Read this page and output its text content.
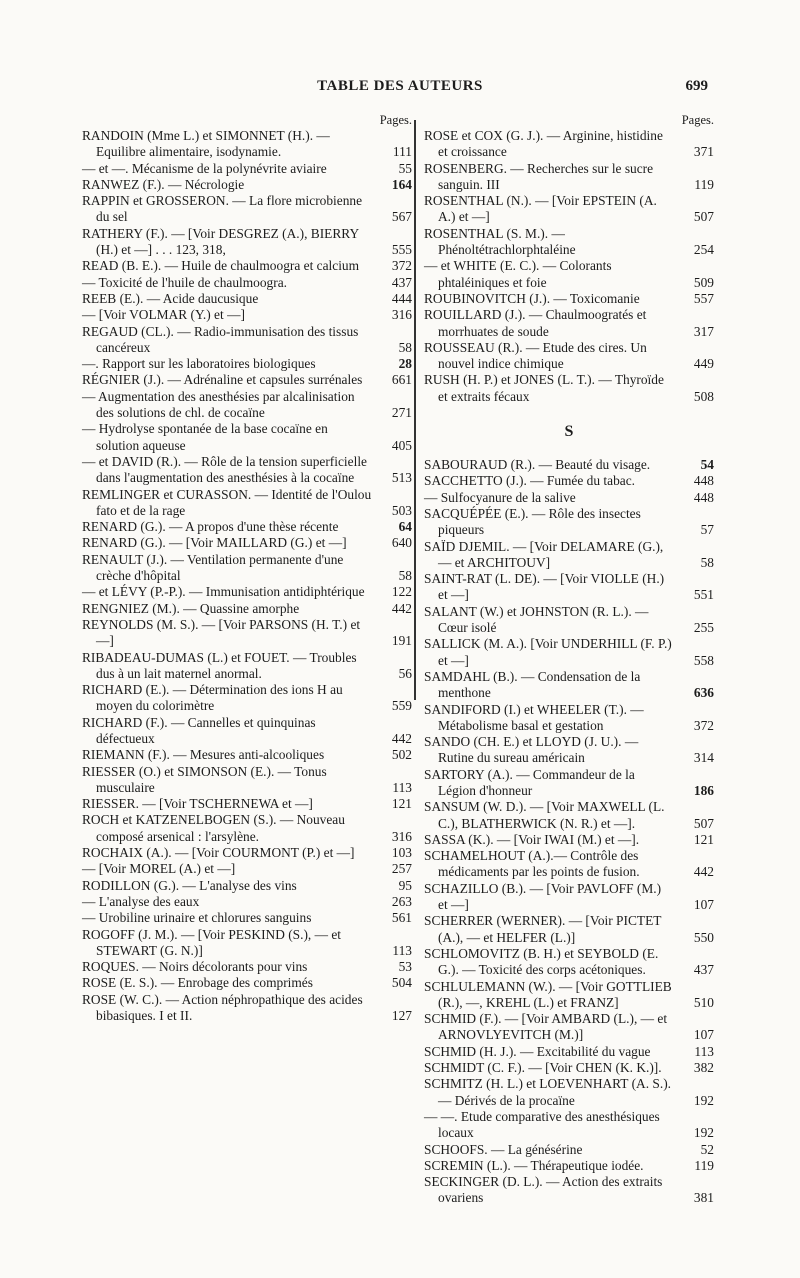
TABLE DES AUTEURS	699
Pages.
RANDOIN (Mme L.) et SIMONNET (H.). — Equilibre alimentaire, isodynamie.	111
— et —. Mécanisme de la polynévrite aviaire	55
RANWEZ (F.). — Nécrologie	164
RAPPIN et GROSSERON. — La flore microbienne du sel	567
RATHERY (F.). — [Voir DESGREZ (A.), BIERRY (H.) et —] . . . 123, 318,	555
READ (B. E.). — Huile de chaulmoogra et calcium 372
— Toxicité de l'huile de chaulmoogra.	437
REEB (E.). — Acide daucusique	444
— [Voir VOLMAR (Y.) et —]	316
REGAUD (CL.). — Radio-immunisation des tissus cancéreux	58
—. Rapport sur les laboratoires biologiques	28
RÉGNIER (J.). — Adrénaline et capsules surrénales 661
— Augmentation des anesthésies par alcalinisation des solutions de chl. de cocaïne	271
— Hydrolyse spontanée de la base cocaïne en solution aqueuse	405
— et DAVID (R.). — Rôle de la tension superficielle dans l'augmentation des anesthésies à la cocaïne	513
REMLINGER et CURASSON. — Identité de l'Oulou fato et de la rage	503
RENARD (G.). — A propos d'une thèse récente	64
RENARD (G.). — [Voir MAILLARD (G.) et —]	640
RENAULT (J.). — Ventilation permanente d'une crèche d'hôpital	58
— et LÉVY (P.-P.). — Immunisation antidiphtérique 122
RENGNIEZ (M.). — Quassine amorphe	442
REYNOLDS (M. S.). — [Voir PARSONS (H. T.) et —]	191
RIBADEAU-DUMAS (L.) et FOUET. — Troubles dus à un lait maternel anormal.	56
RICHARD (E.). — Détermination des ions H au moyen du colorimètre	559
RICHARD (F.). — Cannelles et quinquinas défectueux	442
RIEMANN (F.). — Mesures anti-alcooliques	502
RIESSER (O.) et SIMONSON (E.). — Tonus musculaire	113
RIESSER. — [Voir TSCHERNEWA et —]	121
ROCH et KATZENELBOGEN (S.). — Nouveau composé arsenical : l'arsylène.	316
ROCHAIX (A.). — [Voir COURMONT (P.) et —]	103
— [Voir MOREL (A.) et —]	257
RODILLON (G.). — L'analyse des vins	95
— L'analyse des eaux	263
— Urobiline urinaire et chlorures sanguins	561
ROGOFF (J. M.). — [Voir PESKIND (S.), — et STEWART (G. N.)]	113
ROQUES. — Noirs décolorants pour vins	53
ROSE (E. S.). — Enrobage des comprimés	504
ROSE (W. C.). — Action néphropathique des acides bibasiques. I et II.	127
Pages.
ROSE et COX (G. J.). — Arginine, histidine et croissance	371
ROSENBERG. — Recherches sur le sucre sanguin. III	119
ROSENTHAL (N.). — [Voir EPSTEIN (A. A.) et —]	507
ROSENTHAL (S. M.). — Phénoltétrachlorphtaléine	254
— et WHITE (E. C.). — Colorants phtaléiniques et foie	509
ROUBINOVITCH (J.). — Toxicomanie	557
ROUILLARD (J.). — Chaulmoogratés et morrhuates de soude	317
ROUSSEAU (R.). — Etude des cires. Un nouvel indice chimique	449
RUSH (H. P.) et JONES (L. T.). — Thyroïde et extraits fécaux	508
S
SABOURAUD (R.). — Beauté du visage.	54
SACCHETTO (J.). — Fumée du tabac.	448
— Sulfocyanure de la salive	448
SACQUÉPÉE (E.). — Rôle des insectes piqueurs	57
SAÏD DJEMIL. — [Voir DELAMARE (G.), — et ARCHITOUV]	58
SAINT-RAT (L. DE). — [Voir VIOLLE (H.) et —]	551
SALANT (W.) et JOHNSTON (R. L.). — Cœur isolé	255
SALLICK (M. A.). [Voir UNDERHILL (F. P.) et —]	558
SAMDAHL (B.). — Condensation de la menthone	636
SANDIFORD (I.) et WHEELER (T.). — Métabolisme basal et gestation	372
SANDO (CH. E.) et LLOYD (J. U.). — Rutine du sureau américain	314
SARTORY (A.). — Commandeur de la Légion d'honneur	186
SANSUM (W. D.). — [Voir MAXWELL (L. C.), BLATHERWICK (N. R.) et —].	507
SASSA (K.). — [Voir IWAI (M.) et —].	121
SCHAMELHOUT (A.).— Contrôle des médicaments par les points de fusion.	442
SCHAZILLO (B.). — [Voir PAVLOFF (M.) et —]	107
SCHERRER (WERNER). — [Voir PICTET (A.), — et HELFER (L.)]	550
SCHLOMOVITZ (B. H.) et SEYBOLD (E. G.). — Toxicité des corps acétoniques.	437
SCHLULEMANN (W.). — [Voir GOTTLIEB (R.), —, KREHL (L.) et FRANZ]	510
SCHMID (F.). — [Voir AMBARD (L.), — et ARNOVLYEVITCH (M.)]	107
SCHMID (H. J.). — Excitabilité du vague	113
SCHMIDT (C. F.). — [Voir CHEN (K. K.)]. 382
SCHMITZ (H. L.) et LOEVENHART (A. S.). — Dérivés de la procaïne	192
— —. Etude comparative des anesthésiques locaux	192
SCHOOFS. — La génésérine	52
SCREMIN (L.). — Thérapeutique iodée.	119
SECKINGER (D. L.). — Action des extraits ovariens	381
